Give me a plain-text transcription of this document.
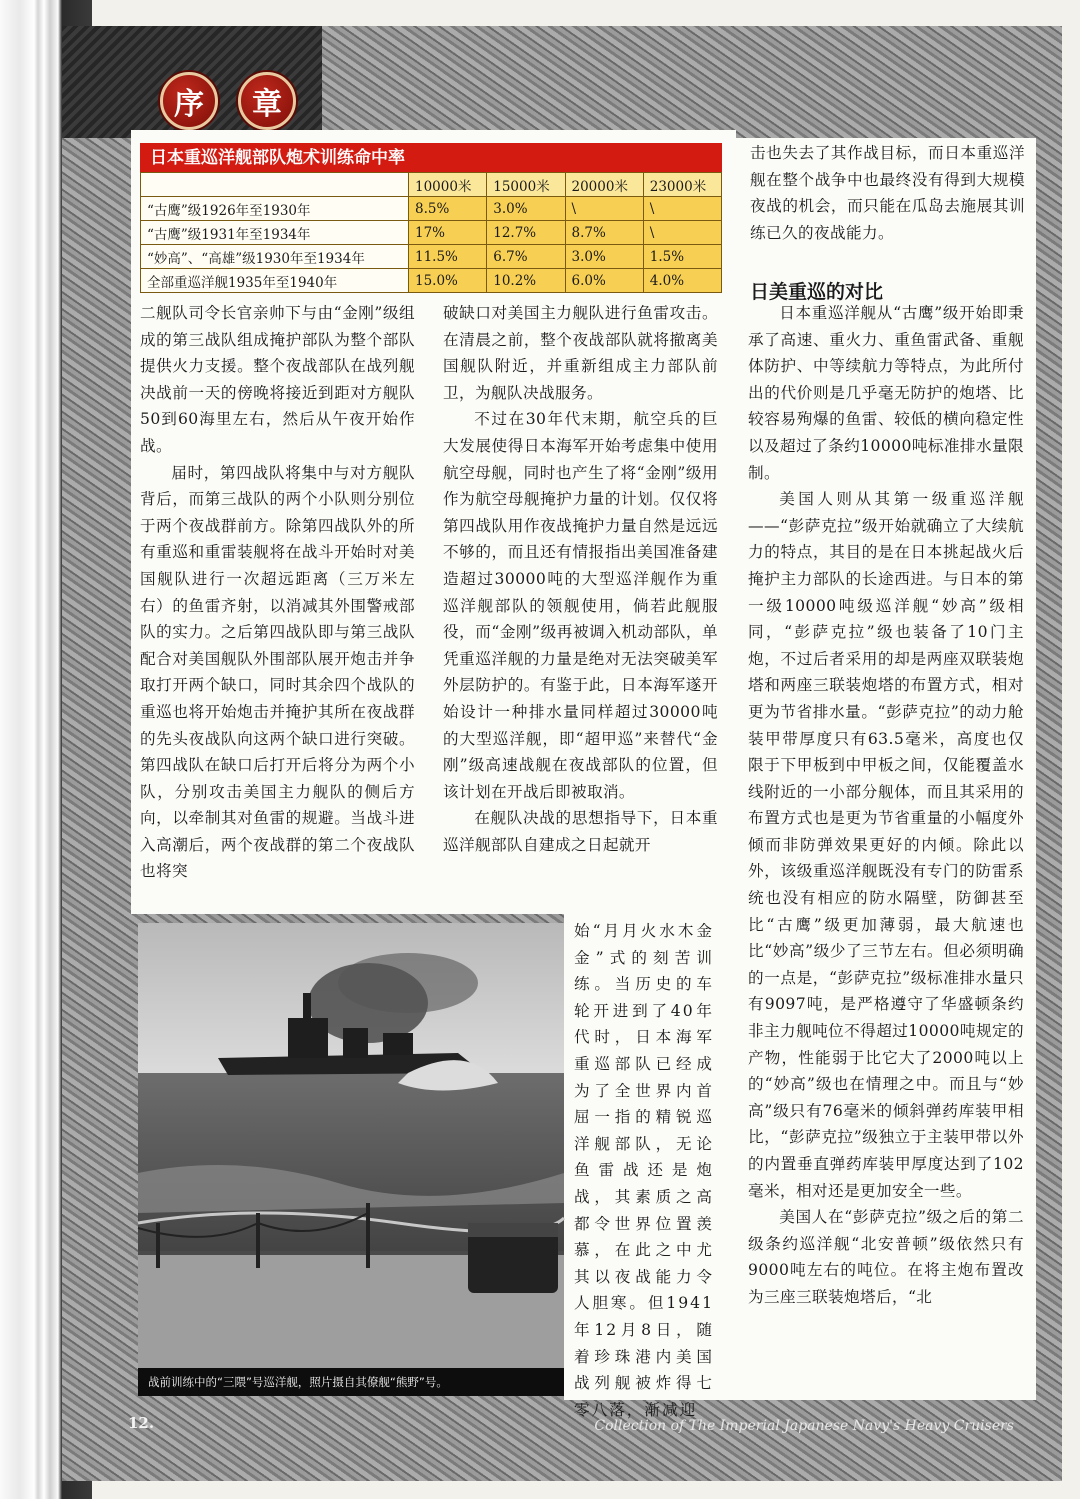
序	章
日本重巡洋舰部队炮术训练命中率
	10000米	15000米	20000米	23000米
“古鹰”级1926年至1930年	8.5%	3.0%	\	\
“古鹰”级1931年至1934年	17%	12.7%	8.7%	\
“妙高”、“高雄”级1930年至1934年	11.5%	6.7%	3.0%	1.5%
全部重巡洋舰1935年至1940年	15.0%	10.2%	6.0%	4.0%

二舰队司令长官亲帅下与由“金刚”级组成的第三战队组成掩护部队为整个部队提供火力支援。整个夜战部队在战列舰决战前一天的傍晚将接近到距对方舰队50到60海里左右，然后从午夜开始作战。

届时，第四战队将集中与对方舰队背后，而第三战队的两个小队则分别位于两个夜战群前方。除第四战队外的所有重巡和重雷装舰将在战斗开始时对美国舰队进行一次超远距离（三万米左右）的鱼雷齐射，以消减其外围警戒部队的实力。之后第四战队即与第三战队配合对美国舰队外围部队展开炮击并争取打开两个缺口，同时其余四个战队的重巡也将开始炮击并掩护其所在夜战群的先头夜战队向这两个缺口进行突破。第四战队在缺口后打开后将分为两个小队，分别攻击美国主力舰队的侧后方向，以牵制其对鱼雷的规避。当战斗进入高潮后，两个夜战群的第二个夜战队也将突

破缺口对美国主力舰队进行鱼雷攻击。在清晨之前，整个夜战部队就将撤离美国舰队附近，并重新组成主力部队前卫，为舰队决战服务。

不过在30年代末期，航空兵的巨大发展使得日本海军开始考虑集中使用航空母舰，同时也产生了将“金刚”级用作为航空母舰掩护力量的计划。仅仅将第四战队用作夜战掩护力量自然是远远不够的，而且还有情报指出美国准备建造超过30000吨的大型巡洋舰作为重巡洋舰部队的领舰使用，倘若此舰服役，而“金刚”级再被调入机动部队，单凭重巡洋舰的力量是绝对无法突破美军外层防护的。有鉴于此，日本海军遂开始设计一种排水量同样超过30000吨的大型巡洋舰，即“超甲巡”来替代“金刚”级高速战舰在夜战部队的位置，但该计划在开战后即被取消。

在舰队决战的思想指导下，日本重巡洋舰部队自建成之日起就开

始“月月火水木金金”式的刻苦训练。当历史的车轮开进到了40年代时，日本海军重巡部队已经成为了全世界内首屈一指的精锐巡洋舰部队，无论鱼雷战还是炮战，其素质之高都令世界位置羡慕，在此之中尤其以夜战能力令人胆寒。但1941年12月8日，随着珍珠港内美国战列舰被炸得七零八落，渐减迎

击也失去了其作战目标，而日本重巡洋舰在整个战争中也最终没有得到大规模夜战的机会，而只能在瓜岛去施展其训练已久的夜战能力。

日美重巡的对比

日本重巡洋舰从“古鹰”级开始即秉承了高速、重火力、重鱼雷武备、重舰体防护、中等续航力等特点，为此所付出的代价则是几乎毫无防护的炮塔、比较容易殉爆的鱼雷、较低的横向稳定性以及超过了条约10000吨标准排水量限制。

美国人则从其第一级重巡洋舰——“彭萨克拉”级开始就确立了大续航力的特点，其目的是在日本挑起战火后掩护主力部队的长途西进。与日本的第一级10000吨级巡洋舰“妙高”级相同，“彭萨克拉”级也装备了10门主炮，不过后者采用的却是两座双联装炮塔和两座三联装炮塔的布置方式，相对更为节省排水量。“彭萨克拉”的动力舱装甲带厚度只有63.5毫米，高度也仅限于下甲板到中甲板之间，仅能覆盖水线附近的一小部分舰体，而且其采用的布置方式也是更为节省重量的小幅度外倾而非防弹效果更好的内倾。除此以外，该级重巡洋舰既没有专门的防雷系统也没有相应的防水隔壁，防御甚至比“古鹰”级更加薄弱，最大航速也比“妙高”级少了三节左右。但必须明确的一点是，“彭萨克拉”级标准排水量只有9097吨，是严格遵守了华盛顿条约非主力舰吨位不得超过10000吨规定的产物，性能弱于比它大了2000吨以上的“妙高”级也在情理之中。而且与“妙高”级只有76毫米的倾斜弹药库装甲相比，“彭萨克拉”级独立于主装甲带以外的内置垂直弹药库装甲厚度达到了102毫米，相对还是更加安全一些。

美国人在“彭萨克拉”级之后的第二级条约巡洋舰“北安普顿”级依然只有9000吨左右的吨位。在将主炮布置改为三座三联装炮塔后，“北

战前训练中的“三隈”号巡洋舰，照片摄自其僚舰“熊野”号。
12.	Collection of The Imperial Japanese Navy's Heavy Cruisers
